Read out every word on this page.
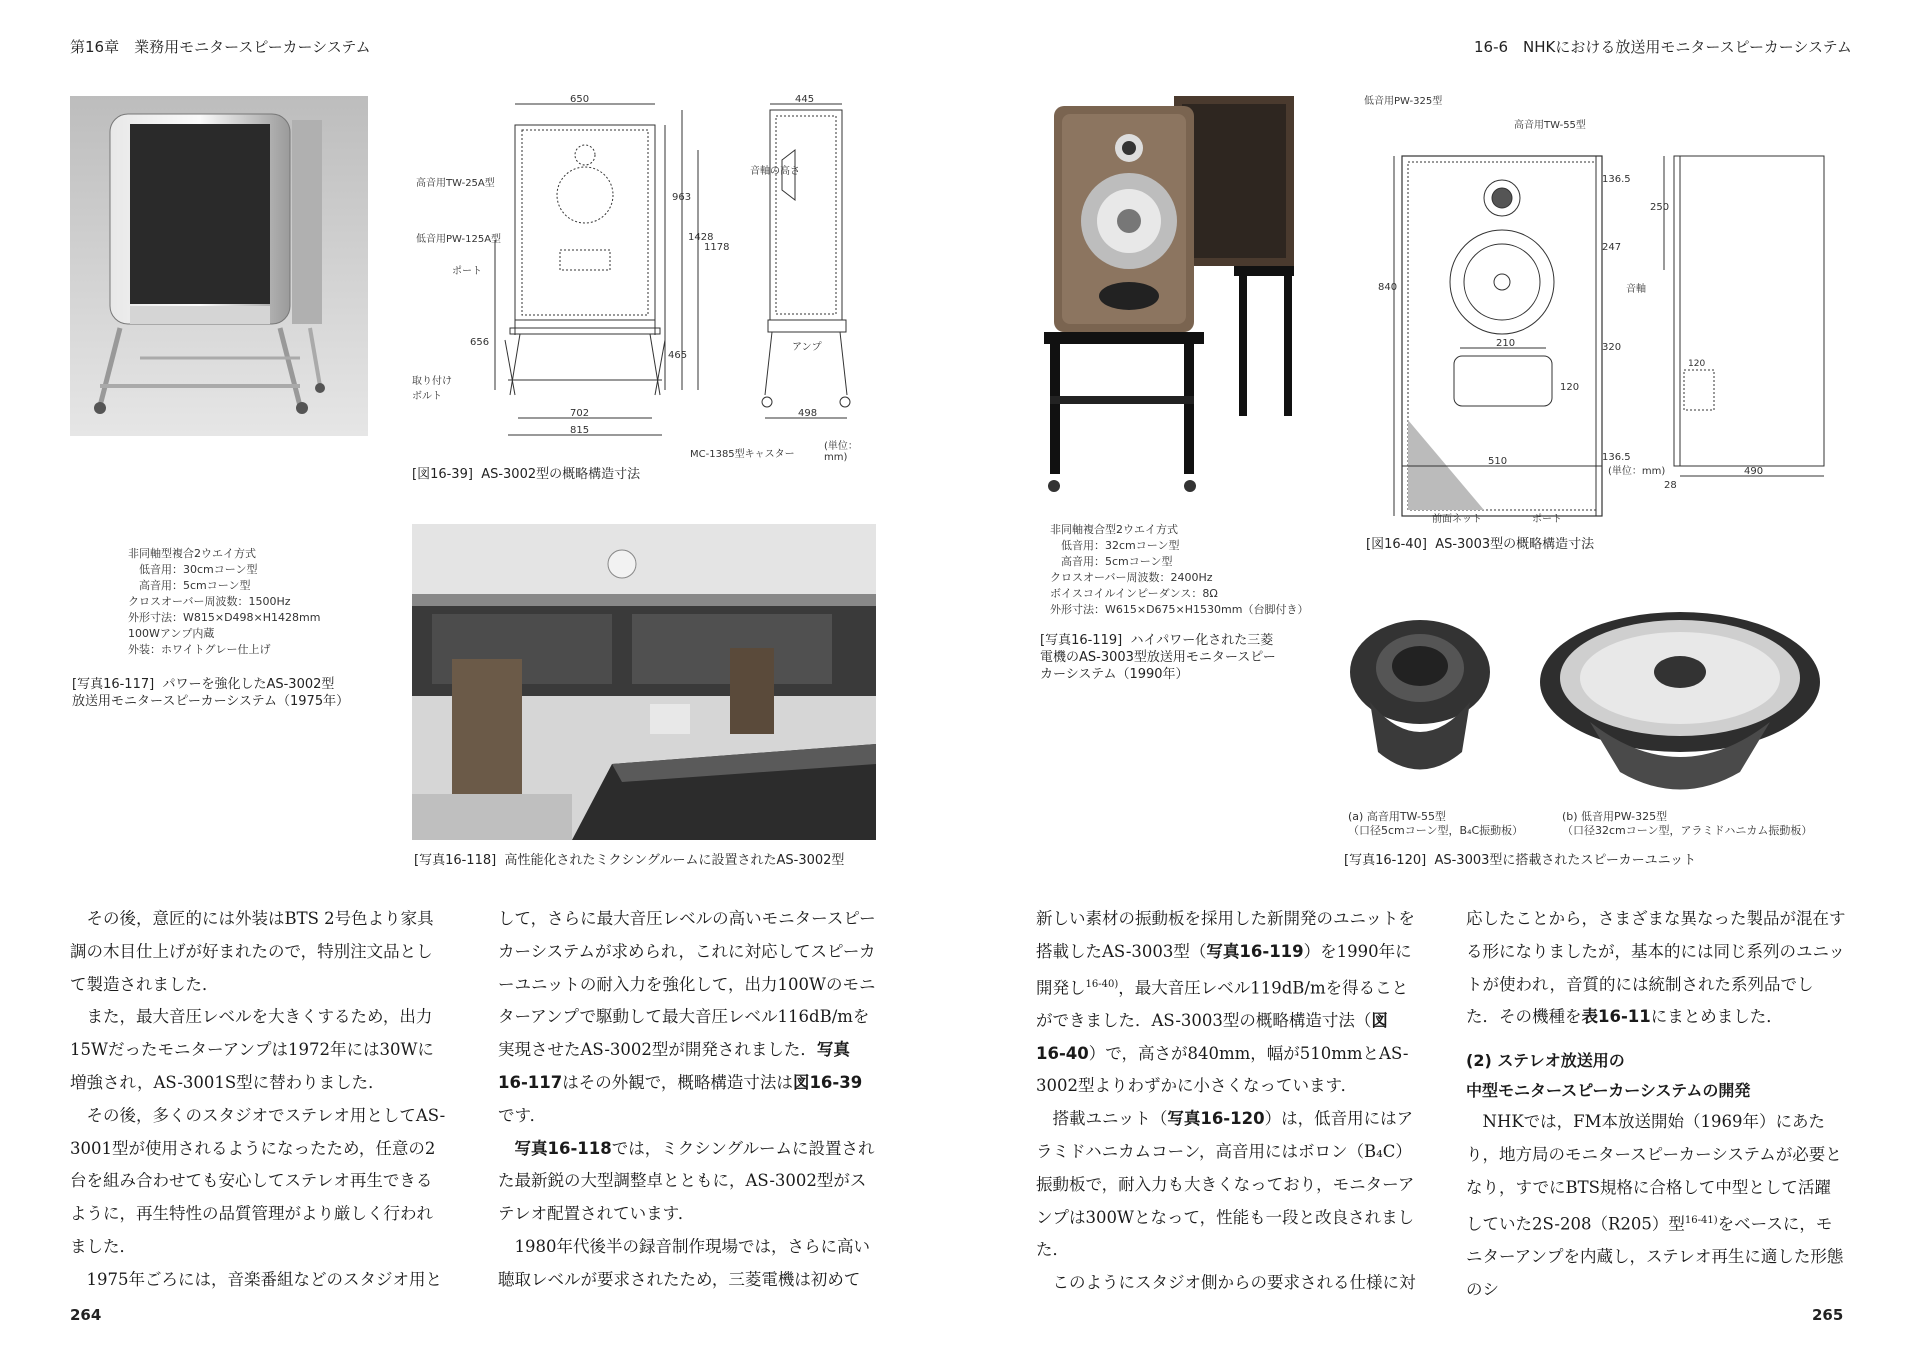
第16章　業務用モニタースピーカーシステム
非同軸型複合2ウエイ方式
　低音用：30cmコーン型
　高音用：5cmコーン型
クロスオーバー周波数：1500Hz
外形寸法：W815×D498×H1428mm
100Wアンプ内蔵
外装：ホワイトグレー仕上げ
[写真16-117] パワーを強化したAS-3002型
放送用モニタースピーカーシステム（1975年）
650
702
815
963
1428
1178
465
656
445
498
高音用TW-25A型
低音用PW-125A型
ポート
取り付け
ボルト
音軸の高さ
アンプ
MC-1385型キャスター
(単位：mm)
[図16-39] AS-3002型の概略構造寸法
[写真16-118] 高性能化されたミクシングルームに設置されたAS-3002型

　その後，意匠的には外装はBTS 2号色より家具調の木目仕上げが好まれたので，特別注文品として製造されました．

　また，最大音圧レベルを大きくするため，出力15Wだったモニターアンプは1972年には30Wに増強され，AS-3001S型に替わりました．

　その後，多くのスタジオでステレオ用としてAS-3001型が使用されるようになったため，任意の2台を組み合わせても安心してステレオ再生できるように，再生特性の品質管理がより厳しく行われました．

　1975年ごろには，音楽番組などのスタジオ用と

して，さらに最大音圧レベルの高いモニタースピーカーシステムが求められ，これに対応してスピーカーユニットの耐入力を強化して，出力100Wのモニターアンプで駆動して最大音圧レベル116dB/mを実現させたAS-3002型が開発されました．写真16-117はその外観で，概略構造寸法は図16-39です．

　写真16-118では，ミクシングルームに設置された最新鋭の大型調整卓とともに，AS-3002型がステレオ配置されています．

　1980年代後半の録音制作現場では，さらに高い聴取レベルが要求されたため，三菱電機は初めて

264
16-6　NHKにおける放送用モニタースピーカーシステム
非同軸複合型2ウエイ方式
　低音用：32cmコーン型
　高音用：5cmコーン型
クロスオーバー周波数：2400Hz
ボイスコイルインピーダンス：8Ω
外形寸法：W615×D675×H1530mm（台脚付き）
[写真16-119] ハイパワー化された三菱
電機のAS-3003型放送用モニタースピー
カーシステム（1990年）
840
136.5
247
320
136.5
210
120
510
250
490
28
120
低音用PW-325型
高音用TW-55型
音軸
前面ネット	ポート
(単位：mm)
[図16-40] AS-3003型の概略構造寸法
(a) 高音用TW-55型
（口径5cmコーン型，B₄C振動板）
(b) 低音用PW-325型
（口径32cmコーン型，アラミドハニカム振動板）
[写真16-120] AS-3003型に搭載されたスピーカーユニット

新しい素材の振動板を採用した新開発のユニットを搭載したAS-3003型（写真16-119）を1990年に開発し$^{16-40)}$，最大音圧レベル119dB/mを得ることができました．AS-3003型の概略構造寸法（図16-40）で，高さが840mm，幅が510mmとAS-3002型よりわずかに小さくなっています．

　搭載ユニット（写真16-120）は，低音用にはアラミドハニカムコーン，高音用にはボロン（B₄C）振動板で，耐入力も大きくなっており，モニターアンプは300Wとなって，性能も一段と改良されました．

　このようにスタジオ側からの要求される仕様に対

応したことから，さまざまな異なった製品が混在する形になりましたが，基本的には同じ系列のユニットが使われ，音質的には統制された系列品でした．その機種を表16-11にまとめました．

(2) ステレオ放送用の
中型モニタースピーカーシステムの開発

　NHKでは，FM本放送開始（1969年）にあたり，地方局のモニタースピーカーシステムが必要となり，すでにBTS規格に合格して中型として活躍していた2S-208（R205）型$^{16-41)}$をベースに，モニターアンプを内蔵し，ステレオ再生に適した形態のシ

265
